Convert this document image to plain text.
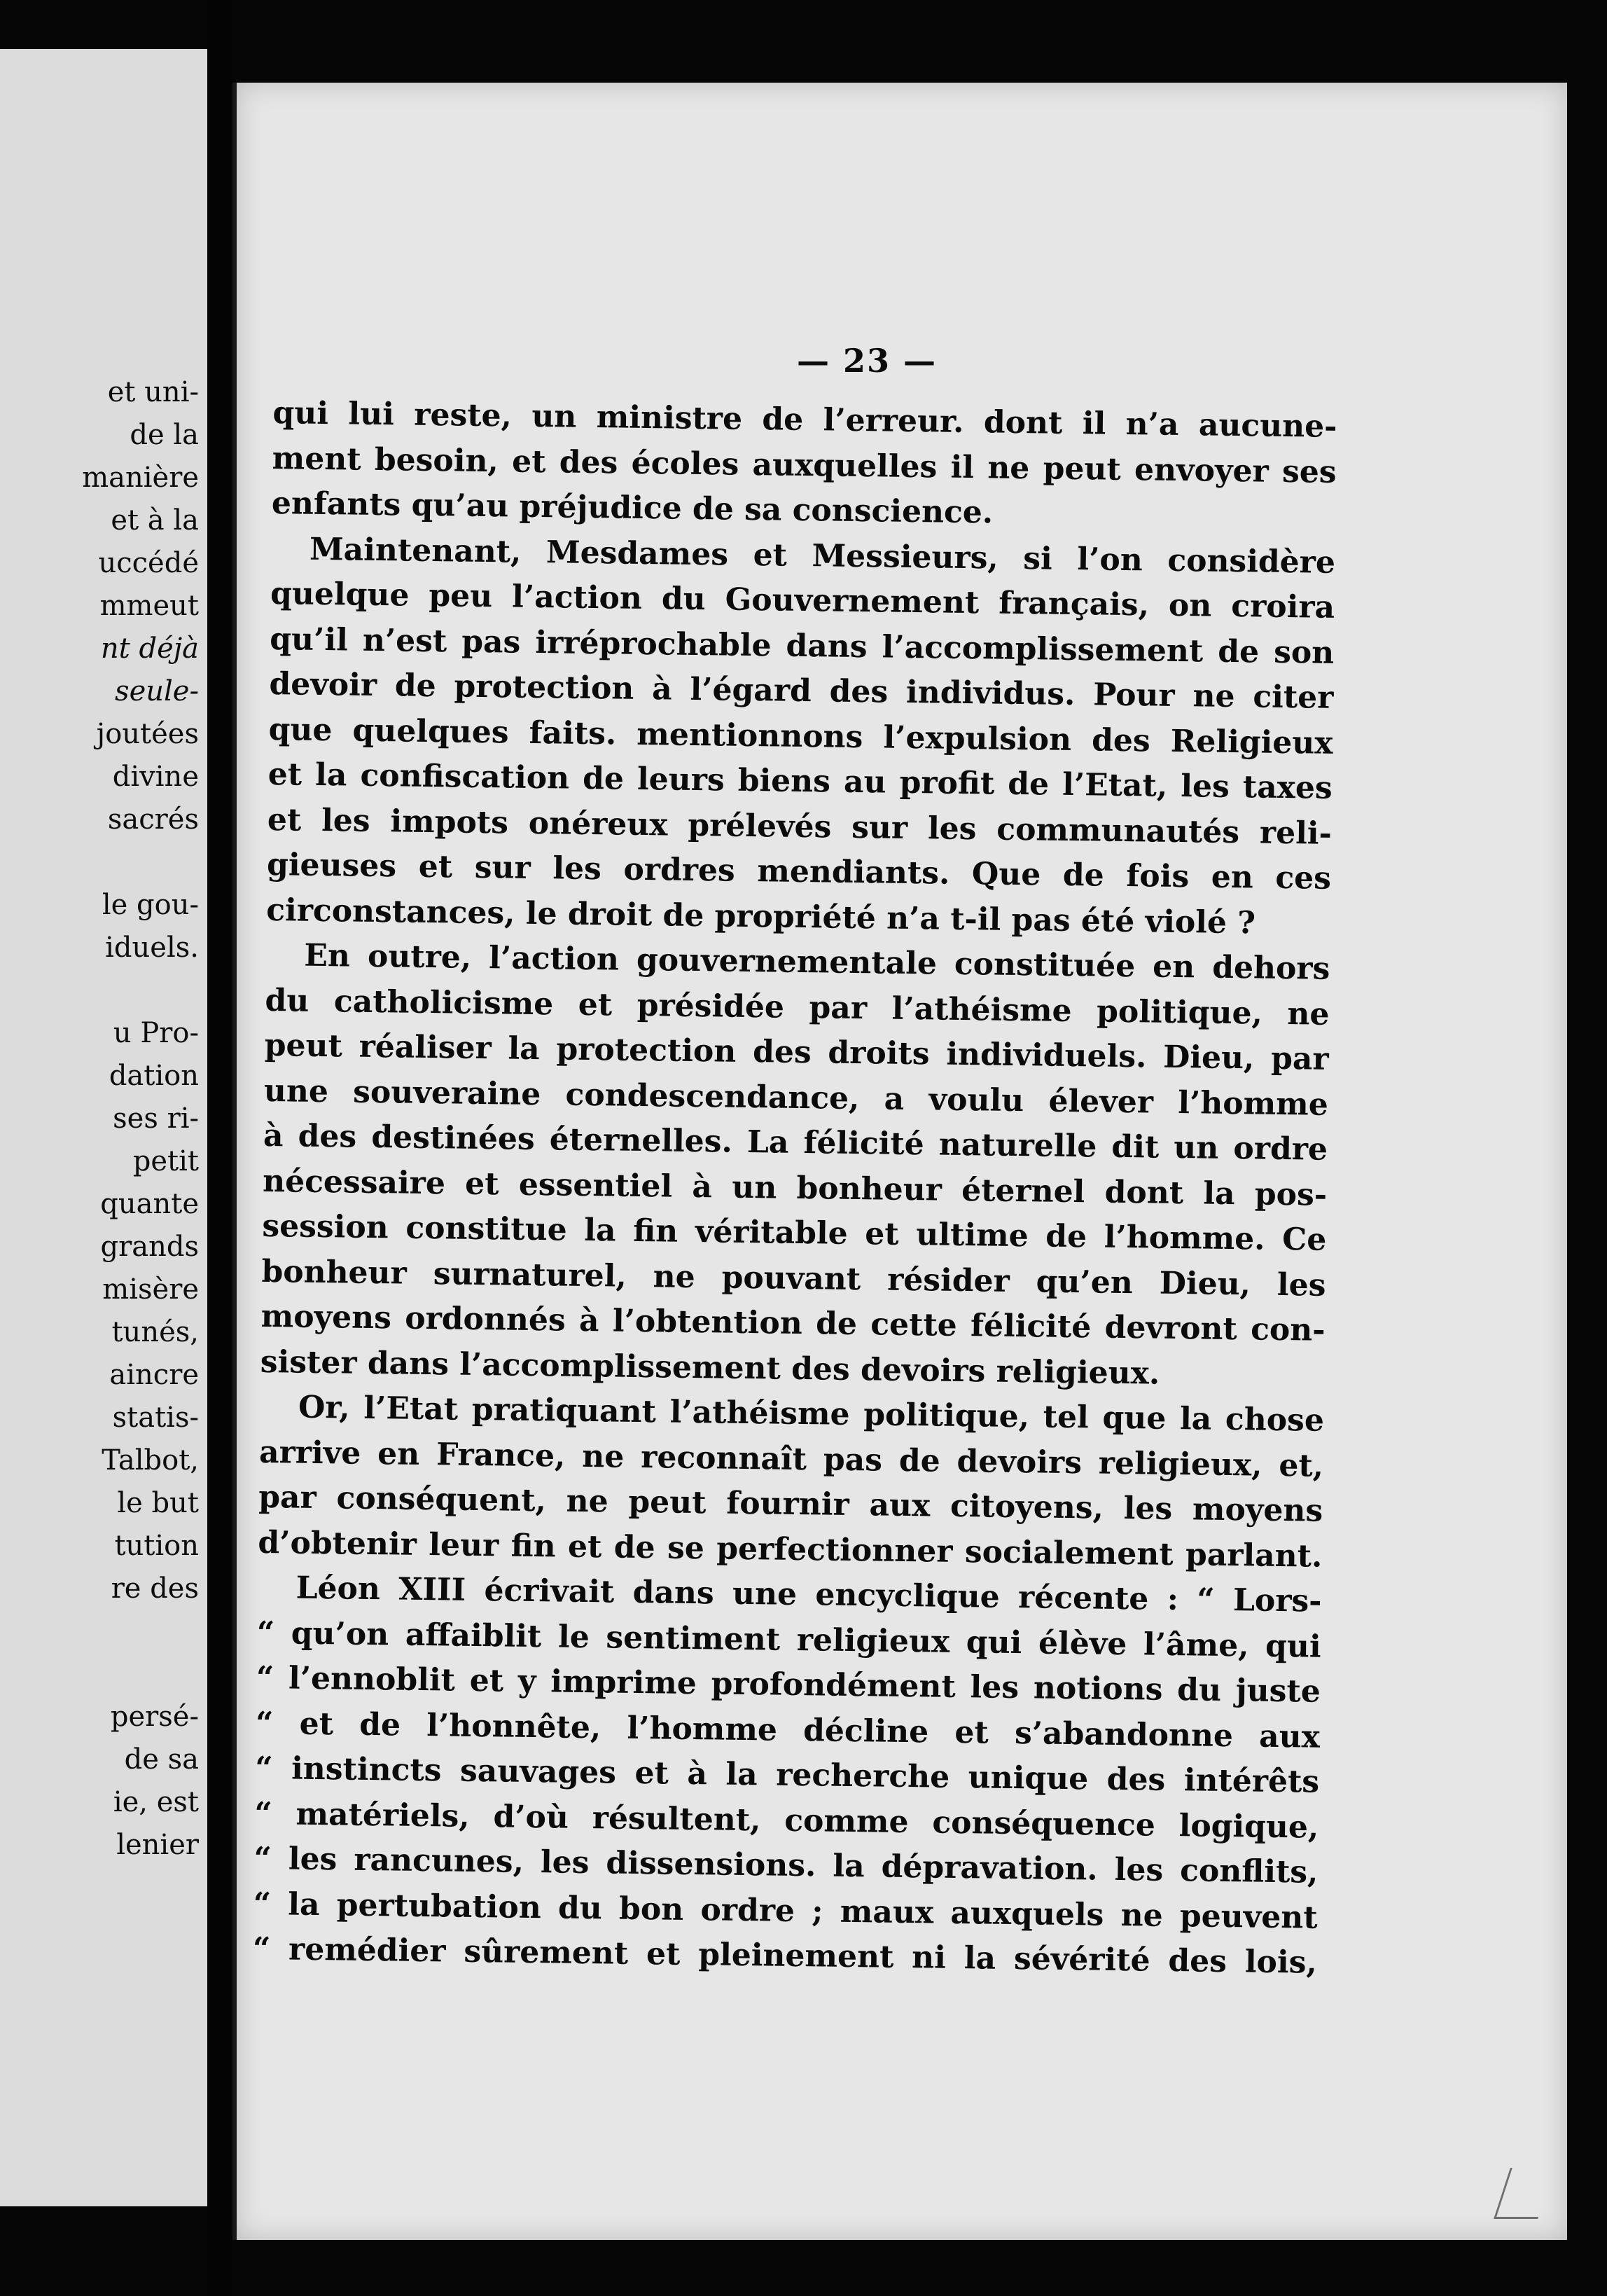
et uni-
de la
manière
et à la
uccédé
mmeut
nt déjà
seule-
joutées
divine
sacrés
le gou-
iduels.
u Pro-
dation
ses ri-
petit
quante
grands
misère
tunés,
aincre
statis-
Talbot,
le but
tution
re des
persé-
de sa
ie, est
lenier
— 23 —
qui lui reste, un ministre de l’erreur. dont il n’a aucune-
ment besoin, et des écoles auxquelles il ne peut envoyer ses
enfants qu’au préjudice de sa conscience.
Maintenant, Mesdames et Messieurs, si l’on considère
quelque peu l’action du Gouvernement français, on croira
qu’il n’est pas irréprochable dans l’accomplissement de son
devoir de protection à l’égard des individus. Pour ne citer
que quelques faits. mentionnons l’expulsion des Religieux
et la confiscation de leurs biens au profit de l’Etat, les taxes
et les impots onéreux prélevés sur les communautés reli-
gieuses et sur les ordres mendiants. Que de fois en ces
circonstances, le droit de propriété n’a t-il pas été violé ?
En outre, l’action gouvernementale constituée en dehors
du catholicisme et présidée par l’athéisme politique, ne
peut réaliser la protection des droits individuels. Dieu, par
une souveraine condescendance, a voulu élever l’homme
à des destinées éternelles. La félicité naturelle dit un ordre
nécessaire et essentiel à un bonheur éternel dont la pos-
session constitue la fin véritable et ultime de l’homme. Ce
bonheur surnaturel, ne pouvant résider qu’en Dieu, les
moyens ordonnés à l’obtention de cette félicité devront con-
sister dans l’accomplissement des devoirs religieux.
Or, l’Etat pratiquant l’athéisme politique, tel que la chose
arrive en France, ne reconnaît pas de devoirs religieux, et,
par conséquent, ne peut fournir aux citoyens, les moyens
d’obtenir leur fin et de se perfectionner socialement parlant.
Léon XIII écrivait dans une encyclique récente : “ Lors-
“ qu’on affaiblit le sentiment religieux qui élève l’âme, qui
“ l’ennoblit et y imprime profondément les notions du juste
“ et de l’honnête, l’homme décline et s’abandonne aux
“ instincts sauvages et à la recherche unique des intérêts
“ matériels, d’où résultent, comme conséquence logique,
“ les rancunes, les dissensions. la dépravation. les conflits,
“ la pertubation du bon ordre ; maux auxquels ne peuvent
“ remédier sûrement et pleinement ni la sévérité des lois,
